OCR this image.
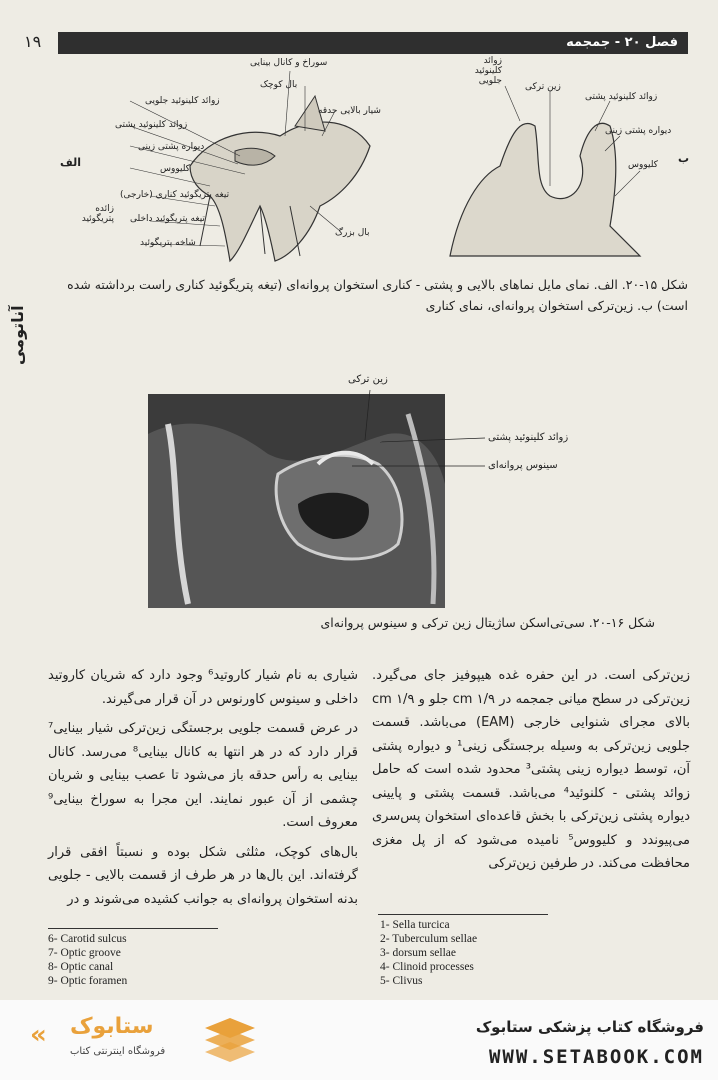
۱۹	فصل ۲۰ - جمجمه
آناتومی
سوراخ و کانال بینایی
بال کوچک
شیار بالایی حدقه
زوائد کلینوئید جلویی
زوائد کلینوئید پشتی
دیواره پشتی زینی
کلیووس
تیغه پتریگوئید کناری (خارجی)
تیغه پتریگوئید داخلی
شاخه پتریگوئید
زائده پتریگوئید
بال بزرگ
الف
زوائد کلینوئید جلویی
زین ترکی
زوائد کلینوئید پشتی
دیواره پشتی زینی
کلیووس ب
شکل ۱۵-۲۰. الف. نمای مایل نماهای بالایی و پشتی - کناری استخوان پروانه‌ای (تیغه پتریگوئید کناری راست برداشته شده است) ب. زین‌ترکی استخوان پروانه‌ای، نمای کناری
زین ترکی
زوائد کلینوئید پشتی
سینوس پروانه‌ای
شکل ۱۶-۲۰. سی‌تی‌اسکن سا‌ژیتال زین ترکی و سینوس پروانه‌ای

زین‌ترکی است. در این حفره غده هیپوفیز جای می‌گیرد. زین‌ترکی در سطح میانی جمجمه در cm ۱/۹ جلو و cm ۱/۹ بالای مجرای شنوایی خارجی (EAM) می‌باشد. قسمت جلویی زین‌ترکی به وسیله برجستگی زینی¹ و دیواره پشتی آن، توسط دیواره زینی پشتی³ محدود شده است که حامل زوائد پشتی - کلنوئید⁴ می‌باشد. قسمت پشتی و پایینی دیواره پشتی زین‌ترکی با بخش قاعده‌ای استخوان پس‌سری می‌پیوندد و کلیووس⁵ نامیده می‌شود که از پل مغزی محافظت می‌کند. در طرفین زین‌ترکی

شیاری به نام شیار کاروتید⁶ وجود دارد که شریان کاروتید داخلی و سینوس کاورنوس در آن قرار می‌گیرند.

در عرض قسمت جلویی برجستگی زین‌ترکی شیار بینایی⁷ قرار دارد که در هر انتها به کانال بینایی⁸ می‌رسد. کانال بینایی به رأس حدقه باز می‌شود تا عصب بینایی و شریان چشمی از آن عبور نمایند. این مجرا به سوراخ بینایی⁹ معروف است.

بال‌های کوچک، مثلثی شکل بوده و نسبتاً افقی قرار گرفته‌اند. این بال‌ها در هر طرف از قسمت بالایی - جلویی بدنه استخوان پروانه‌ای به جوانب کشیده می‌شوند و در

6- Carotid sulcus
7- Optic groove
8- Optic canal
9- Optic foramen
1- Sella turcica
2- Tuberculum sellae
3- dorsum sellae
4- Clinoid processes
5- Clivus
« ستابوک
فروشگاه اینترنتی کتاب
فروشگاه کتاب پزشکی ستابوک
WWW.SETABOOK.COM
